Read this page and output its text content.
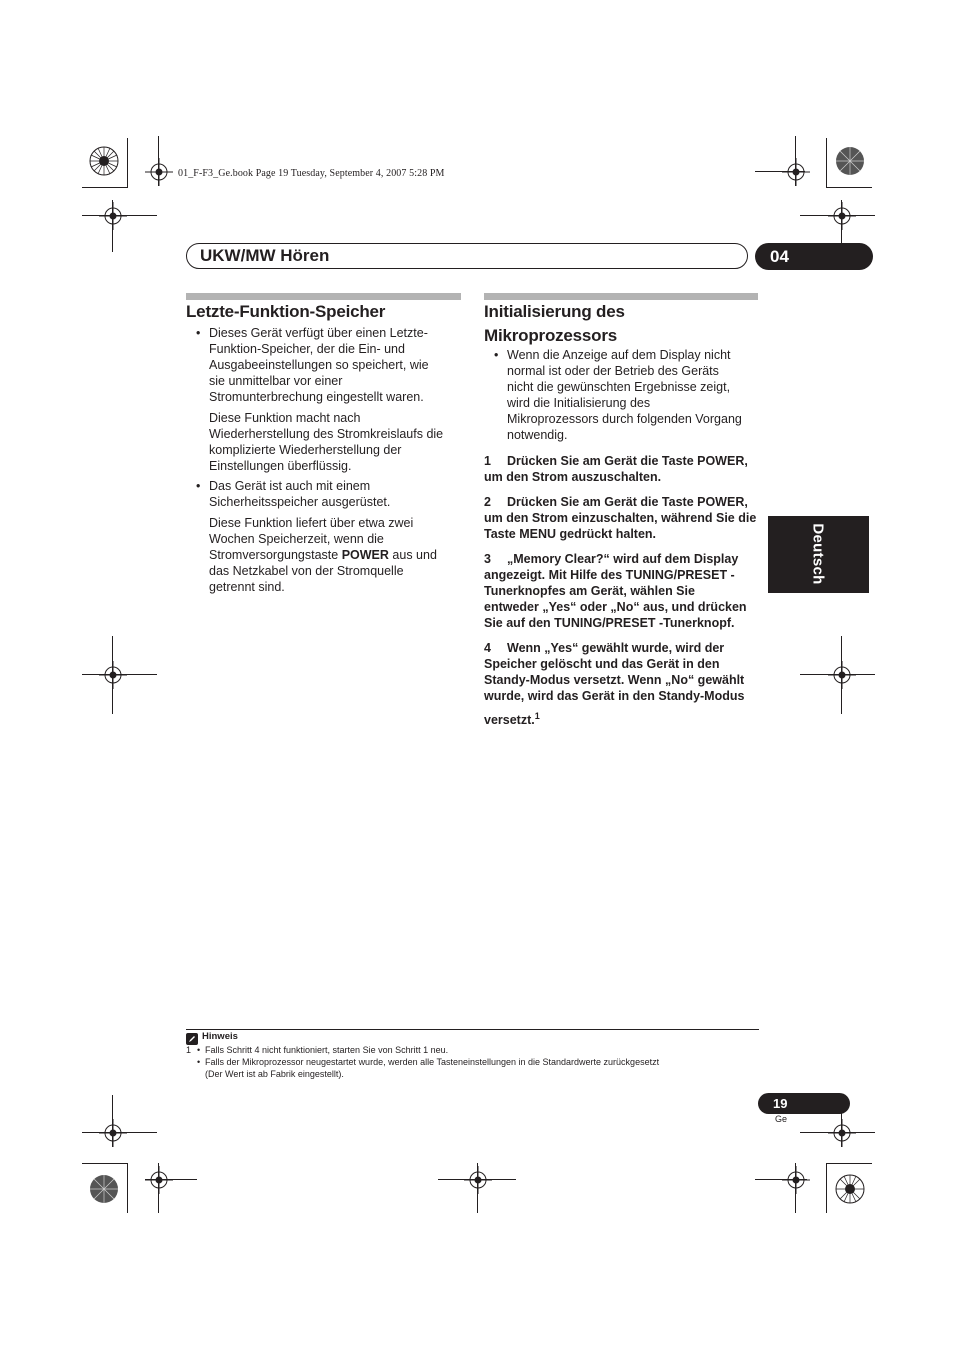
01_F-F3_Ge.book Page 19 Tuesday, September 4, 2007 5:28 PM
UKW/MW Hören	04
Letzte-Funktion-Speicher
• Dieses Gerät verfügt über einen Letzte-
Funktion-Speicher, der die Ein- und
Ausgabeeinstellungen so speichert, wie
sie unmittelbar vor einer
Stromunterbrechung eingestellt waren.
Diese Funktion macht nach
Wiederherstellung des Stromkreislaufs die
komplizierte Wiederherstellung der
Einstellungen überflüssig.
• Das Gerät ist auch mit einem
Sicherheitsspeicher ausgerüstet.
Diese Funktion liefert über etwa zwei
Wochen Speicherzeit, wenn die
Stromversorgungstaste POWER aus und
das Netzkabel von der Stromquelle
getrennt sind.
Initialisierung des
Mikroprozessors
• Wenn die Anzeige auf dem Display nicht
normal ist oder der Betrieb des Geräts
nicht die gewünschten Ergebnisse zeigt,
wird die Initialisierung des
Mikroprozessors durch folgenden Vorgang
notwendig.
1 Drücken Sie am Gerät die Taste POWER,
um den Strom auszuschalten.
2 Drücken Sie am Gerät die Taste POWER,
um den Strom einzuschalten, während Sie die
Taste MENU gedrückt halten.
3 „Memory Clear?“ wird auf dem Display
angezeigt. Mit Hilfe des TUNING/PRESET -
Tunerknopfes am Gerät, wählen Sie
entweder „Yes“ oder „No“ aus, und drücken
Sie auf den TUNING/PRESET -Tunerknopf.
4 Wenn „Yes“ gewählt wurde, wird der
Speicher gelöscht und das Gerät in den
Standy-Modus versetzt. Wenn „No“ gewählt
wurde, wird das Gerät in den Standy-Modus
versetzt.$^1$
Deutsch
Hinweis
1 • Falls Schritt 4 nicht funktioniert, starten Sie von Schritt 1 neu.
• Falls der Mikroprozessor neugestartet wurde, werden alle Tasteneinstellungen in die Standardwerte zurückgesetzt
(Der Wert ist ab Fabrik eingestellt).
19
Ge
